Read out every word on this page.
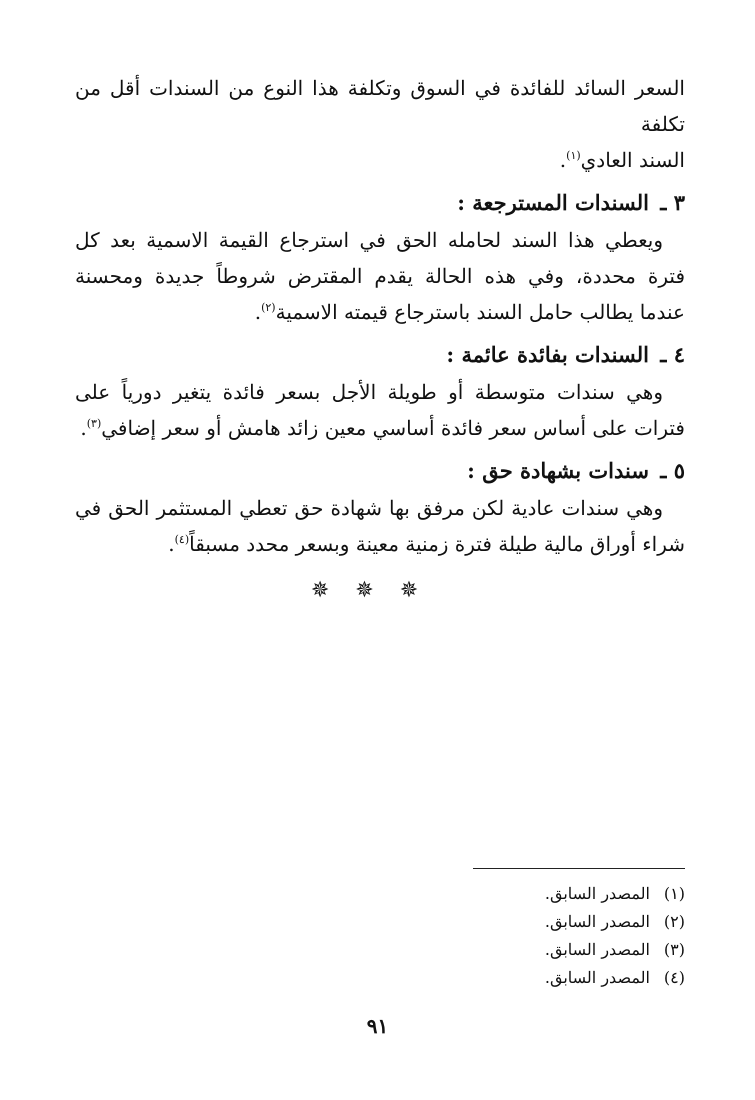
السعر السائد للفائدة في السوق وتكلفة هذا النوع من السندات أقل من تكلفة
السند العادي$^{(١)}$.

٣ ـ السندات المسترجعة :

ويعطي هذا السند لحامله الحق في استرجاع القيمة الاسمية بعد كل فترة محددة، وفي هذه الحالة يقدم المقترض شروطاً جديدة ومحسنة عندما يطالب حامل السند باسترجاع قيمته الاسمية$^{(٢)}$.

٤ ـ السندات بفائدة عائمة :

وهي سندات متوسطة أو طويلة الأجل بسعر فائدة يتغير دورياً على فترات على أساس سعر فائدة أساسي معين زائد هامش أو سعر إضافي$^{(٣)}$.

٥ ـ سندات بشهادة حق :

وهي سندات عادية لكن مرفق بها شهادة حق تعطي المستثمر الحق في شراء أوراق مالية طيلة فترة زمنية معينة وبسعر محدد مسبقاً$^{(٤)}$.

✵✵✵
(١) المصدر السابق.
(٢) المصدر السابق.
(٣) المصدر السابق.
(٤) المصدر السابق.
٩١
